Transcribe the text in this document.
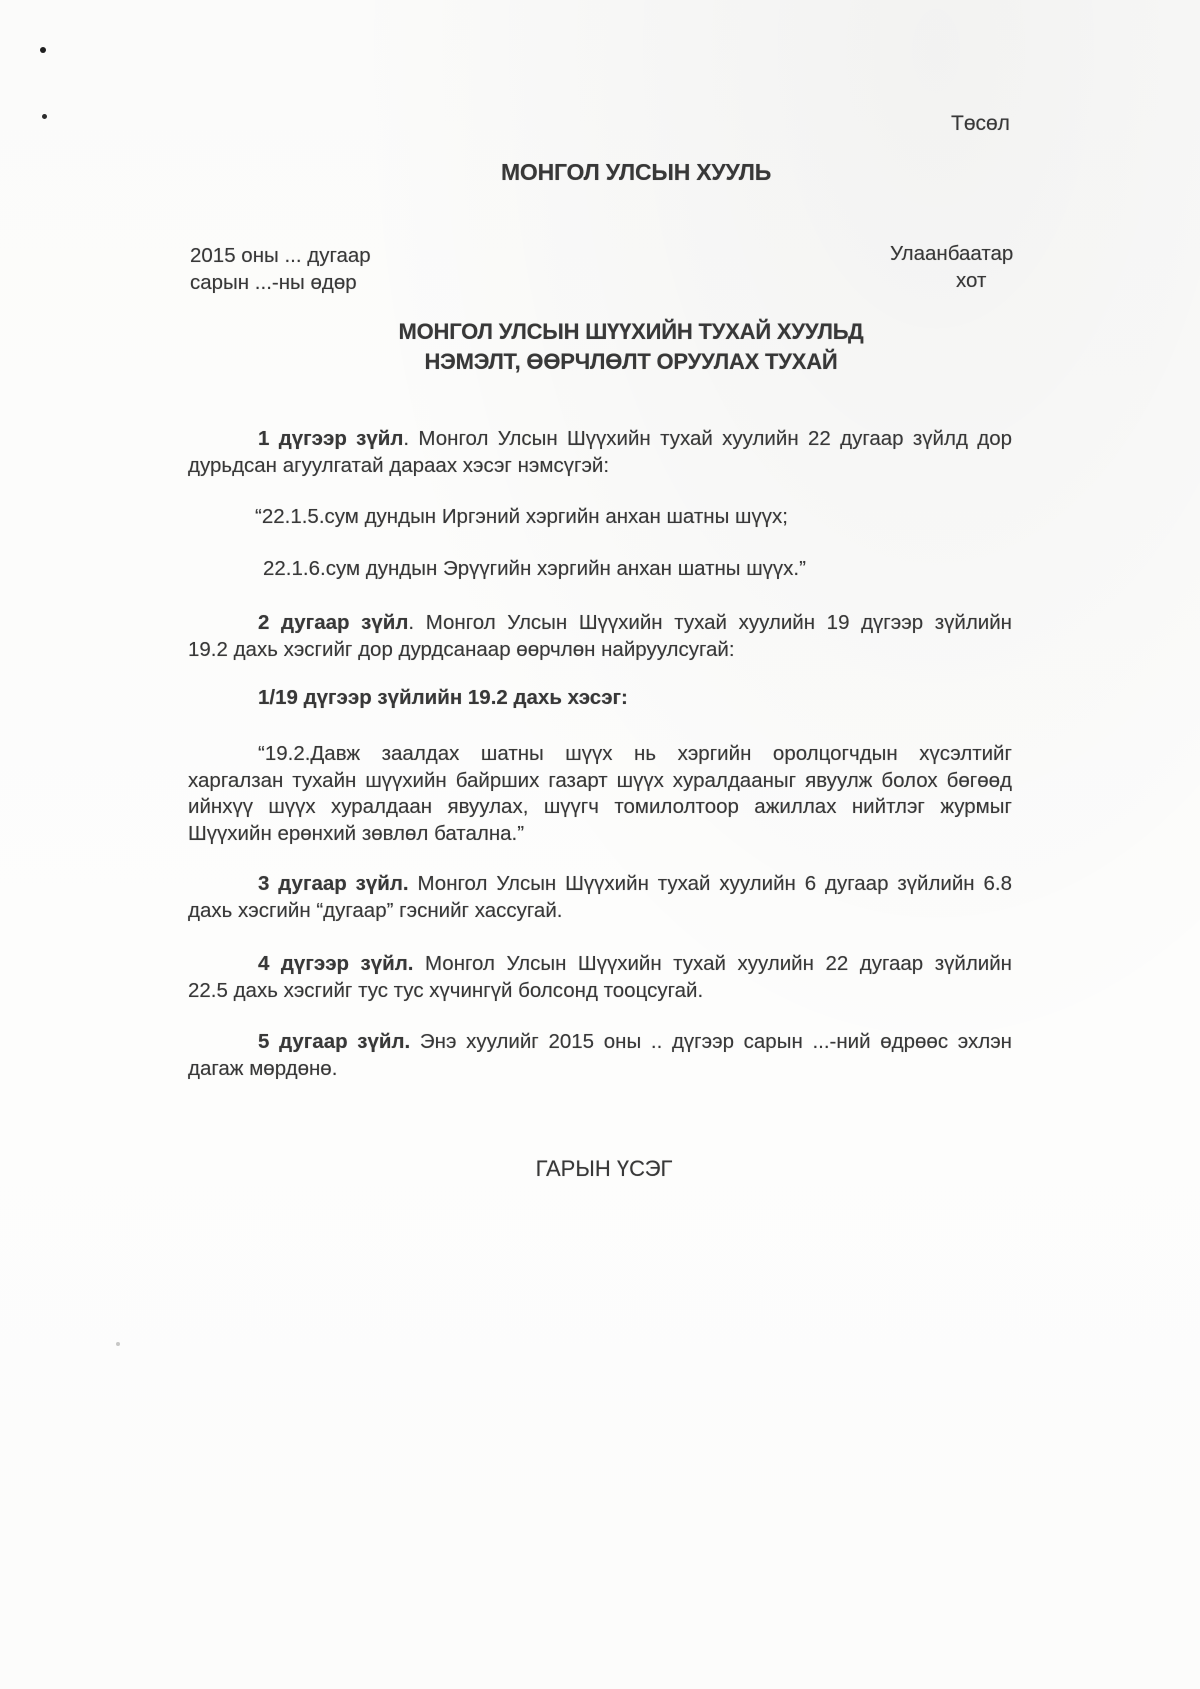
Төсөл
МОНГОЛ УЛСЫН ХУУЛЬ
2015 оны ... дугаар
сарын ...-ны өдөр
Улаанбаатар
хот
МОНГОЛ УЛСЫН ШҮҮХИЙН ТУХАЙ ХУУЛЬД
НЭМЭЛТ, ӨӨРЧЛӨЛТ ОРУУЛАХ ТУХАЙ
1 дүгээр зүйл. Монгол Улсын Шүүхийн тухай хуулийн 22 дугаар зүйлд дор
дурьдсан агуулгатай дараах хэсэг нэмсүгэй:
“22.1.5.сум дундын Иргэний хэргийн анхан шатны шүүх;
22.1.6.сум дундын Эрүүгийн хэргийн анхан шатны шүүх.”
2 дугаар зүйл. Монгол Улсын Шүүхийн тухай хуулийн 19 дүгээр зүйлийн
19.2 дахь хэсгийг дор дурдсанаар өөрчлөн найруулсугай:
1/19 дүгээр зүйлийн 19.2 дахь хэсэг:
“19.2.Давж заалдах шатны шүүх нь хэргийн оролцогчдын хүсэлтийг
харгалзан тухайн шүүхийн байрших газарт шүүх хуралдааныг явуулж болох бөгөөд
ийнхүү шүүх хуралдаан явуулах, шүүгч томилолтоор ажиллах нийтлэг журмыг
Шүүхийн ерөнхий зөвлөл батална.”
3 дугаар зүйл. Монгол Улсын Шүүхийн тухай хуулийн 6 дугаар зүйлийн 6.8
дахь хэсгийн “дугаар” гэснийг хассугай.
4 дүгээр зүйл. Монгол Улсын Шүүхийн тухай хуулийн 22 дугаар зүйлийн
22.5 дахь хэсгийг тус тус хүчингүй болсонд тооцсугай.
5 дугаар зүйл. Энэ хуулийг 2015 оны .. дүгээр сарын ...-ний өдрөөс эхлэн
дагаж мөрдөнө.
ГАРЫН ҮСЭГ
